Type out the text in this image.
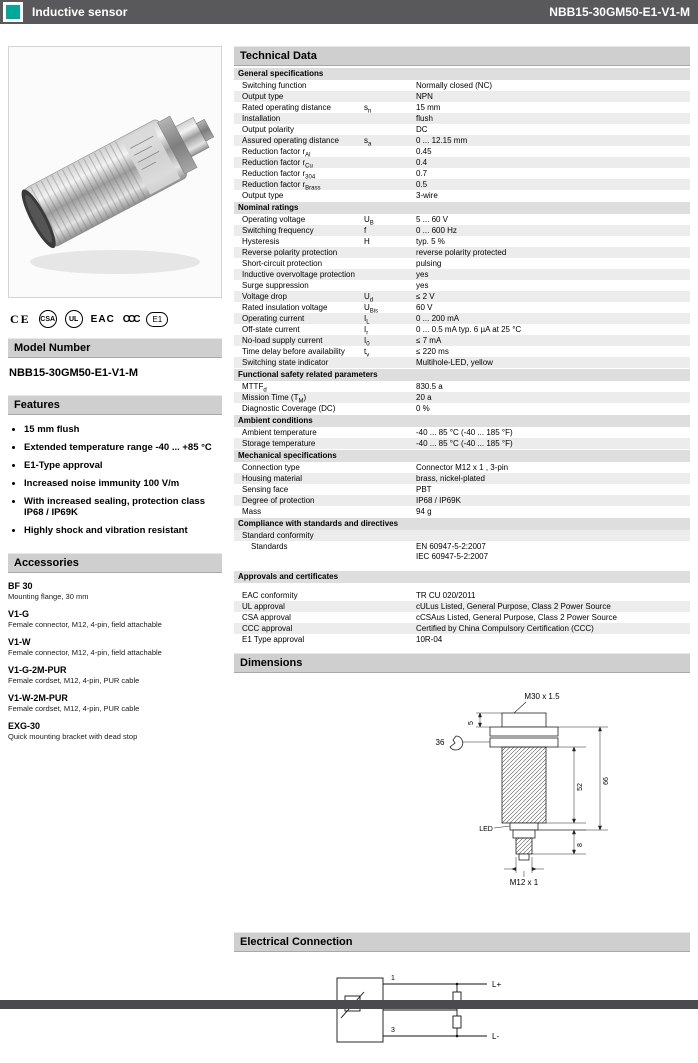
Inductive sensor	NBB15-30GM50-E1-V1-M
CE CSA	UL	EAC CCC	E1
Model Number
NBB15-30GM50-E1-V1-M
Features
• 15 mm flush
• Extended temperature range -40 ... +85 °C
• E1-Type approval
• Increased noise immunity 100 V/m
• With increased sealing, protection class IP68 / IP69K
• Highly shock and vibration resistant
Accessories
BF 30
Mounting flange, 30 mm
V1-G
Female connector, M12, 4-pin, field attachable
V1-W
Female connector, M12, 4-pin, field attachable
V1-G-2M-PUR
Female cordset, M12, 4-pin, PUR cable
V1-W-2M-PUR
Female cordset, M12, 4-pin, PUR cable
EXG-30
Quick mounting bracket with dead stop
Technical Data
General specifications
Switching function	Normally closed (NC)
Output type	NPN
Rated operating distance	$s_n$	15 mm
Installation	flush
Output polarity	DC
Assured operating distance	$s_a$	0 ... 12.15 mm
Reduction factor $r_{Al}$	0.45
Reduction factor $r_{Cu}$	0.4
Reduction factor $r_{304}$	0.7
Reduction factor $r_{Brass}$	0.5
Output type	3-wire
Nominal ratings
Operating voltage	$U_B$	5 ... 60 V
Switching frequency	f	0 ... 600 Hz
Hysteresis	H	typ. 5 %
Reverse polarity protection	reverse polarity protected
Short-circuit protection	pulsing
Inductive overvoltage protection	yes
Surge suppression	yes
Voltage drop	$U_d$	≤ 2 V
Rated insulation voltage	$U_{Bis}$	60 V
Operating current	$I_L$	0 ... 200 mA
Off-state current	$I_r$	0 ... 0.5 mA typ. 6 µA at 25 °C
No-load supply current	$I_0$	≤ 7 mA
Time delay before availability	$t_v$	≤ 220 ms
Switching state indicator	Multihole-LED, yellow
Functional safety related parameters
$MTTF_d$	830.5 a
Mission Time $(T_M)$	20 a
Diagnostic Coverage (DC)	0 %
Ambient conditions
Ambient temperature	-40 ... 85 °C (-40 ... 185 °F)
Storage temperature	-40 ... 85 °C (-40 ... 185 °F)
Mechanical specifications
Connection type	Connector M12 x 1 , 3-pin
Housing material	brass, nickel-plated
Sensing face	PBT
Degree of protection	IP68 / IP69K
Mass	94 g
Compliance with standards and directives
Standard conformity
Standards	EN 60947-5-2:2007
IEC 60947-5-2:2007
Approvals and certificates
EAC conformity	TR CU 020/2011
UL approval	cULus Listed, General Purpose, Class 2 Power Source
CSA approval	cCSAus Listed, General Purpose, Class 2 Power Source
CCC approval	Certified by China Compulsory Certification (CCC)
E1 Type approval	10R-04
Dimensions
M30 x 1.5
5
36
52
66
8
LED
M12 x 1
Electrical Connection
1
3
L+
L-
